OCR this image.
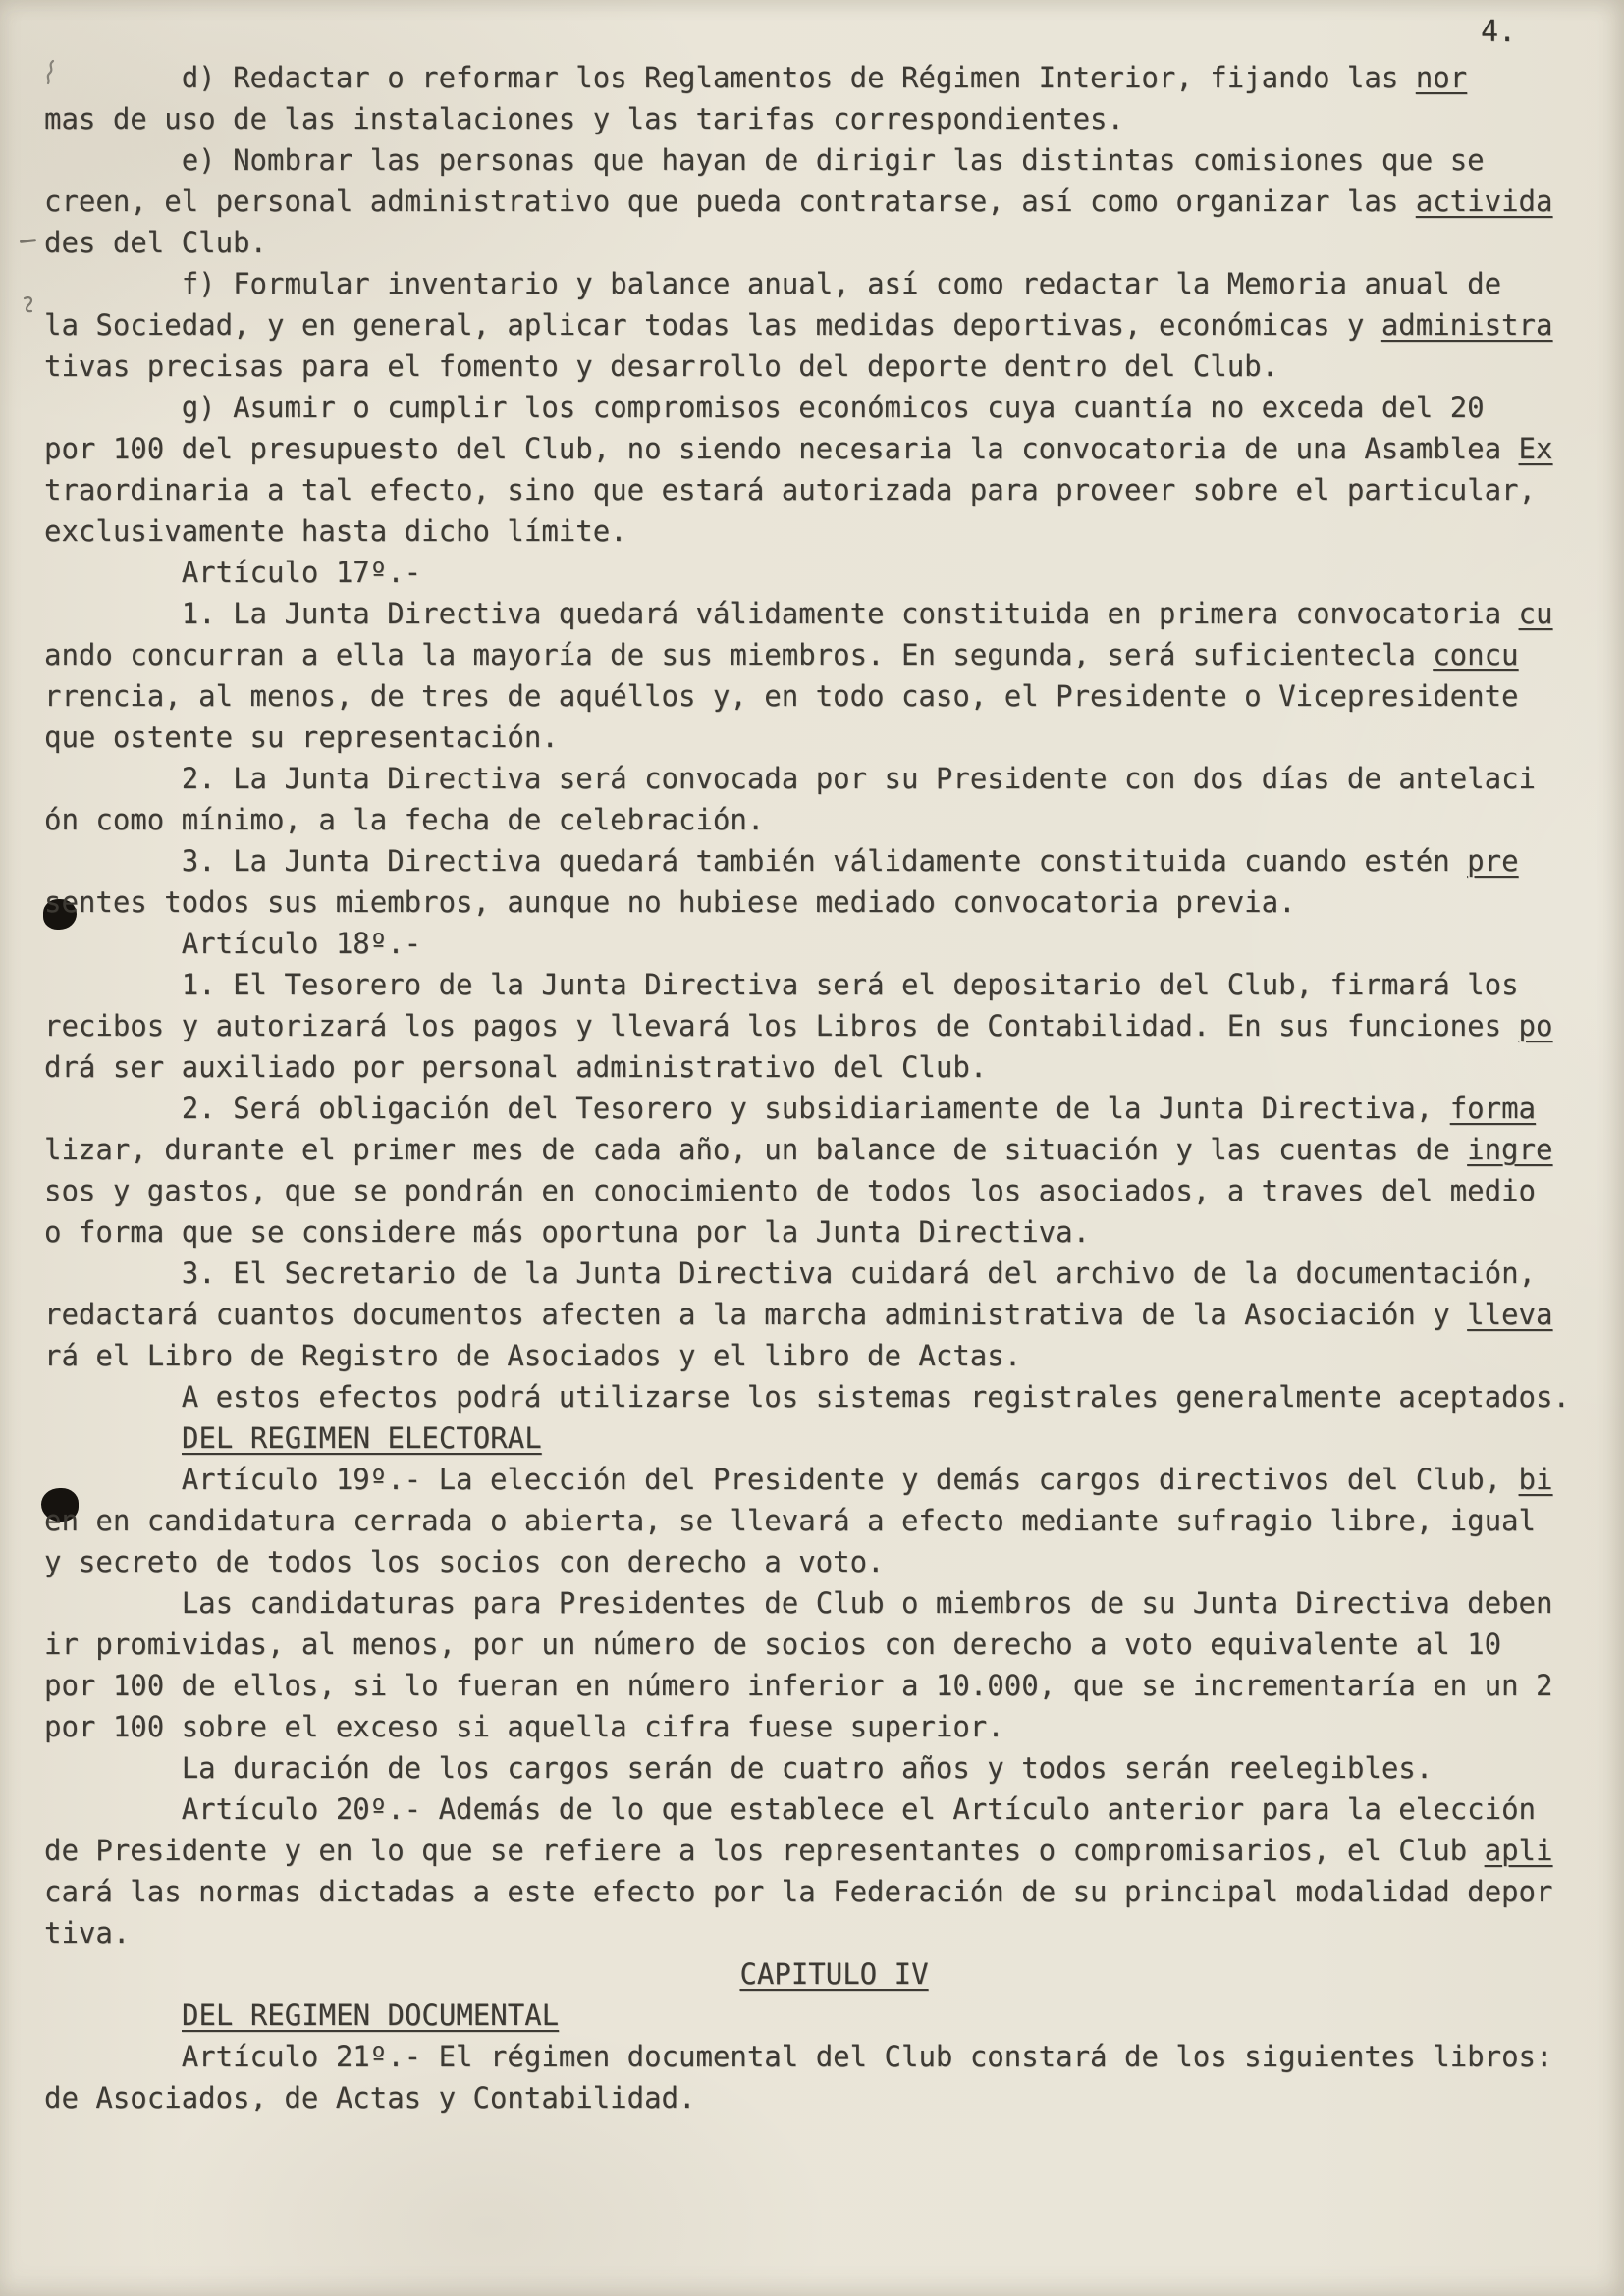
4.

d) Redactar o reformar los Reglamentos de Régimen Interior, fijando las nor
mas de uso de las instalaciones y las tarifas correspondientes.

e) Nombrar las personas que hayan de dirigir las distintas comisiones que se
creen, el personal administrativo que pueda contratarse, así como organizar las activida
des del Club.

f) Formular inventario y balance anual, así como redactar la Memoria anual de
la Sociedad, y en general, aplicar todas las medidas deportivas, económicas y administra
tivas precisas para el fomento y desarrollo del deporte dentro del Club.

g) Asumir o cumplir los compromisos económicos cuya cuantía no exceda del 20
por 100 del presupuesto del Club, no siendo necesaria la convocatoria de una Asamblea Ex
traordinaria a tal efecto, sino que estará autorizada para proveer sobre el particular,
exclusivamente hasta dicho límite.

Artículo 17º.-

1. La Junta Directiva quedará válidamente constituida en primera convocatoria cu
ando concurran a ella la mayoría de sus miembros. En segunda, será suficientecla concu
rrencia, al menos, de tres de aquéllos y, en todo caso, el Presidente o Vicepresidente
que ostente su representación.

2. La Junta Directiva será convocada por su Presidente con dos días de antelaci
ón como mínimo, a la fecha de celebración.

3. La Junta Directiva quedará también válidamente constituida cuando estén pre
sentes todos sus miembros, aunque no hubiese mediado convocatoria previa.

Artículo 18º.-

1. El Tesorero de la Junta Directiva será el depositario del Club, firmará los
recibos y autorizará los pagos y llevará los Libros de Contabilidad. En sus funciones po
drá ser auxiliado por personal administrativo del Club.

2. Será obligación del Tesorero y subsidiariamente de la Junta Directiva, forma
lizar, durante el primer mes de cada año, un balance de situación y las cuentas de ingre
sos y gastos, que se pondrán en conocimiento de todos los asociados, a traves del medio
o forma que se considere más oportuna por la Junta Directiva.

3. El Secretario de la Junta Directiva cuidará del archivo de la documentación,
redactará cuantos documentos afecten a la marcha administrativa de la Asociación y lleva
rá el Libro de Registro de Asociados y el libro de Actas.

A estos efectos podrá utilizarse los sistemas registrales generalmente aceptados.

DEL REGIMEN ELECTORAL

Artículo 19º.- La elección del Presidente y demás cargos directivos del Club, bi
en en candidatura cerrada o abierta, se llevará a efecto mediante sufragio libre, igual
y secreto de todos los socios con derecho a voto.

Las candidaturas para Presidentes de Club o miembros de su Junta Directiva deben
ir promividas, al menos, por un número de socios con derecho a voto equivalente al 10
por 100 de ellos, si lo fueran en número inferior a 10.000, que se incrementaría en un 2
por 100 sobre el exceso si aquella cifra fuese superior.

La duración de los cargos serán de cuatro años y todos serán reelegibles.

Artículo 20º.- Además de lo que establece el Artículo anterior para la elección
de Presidente y en lo que se refiere a los representantes o compromisarios, el Club apli
cará las normas dictadas a este efecto por la Federación de su principal modalidad depor
tiva.

CAPITULO IV

DEL REGIMEN DOCUMENTAL

Artículo 21º.- El régimen documental del Club constará de los siguientes libros:
de Asociados, de Actas y Contabilidad.
